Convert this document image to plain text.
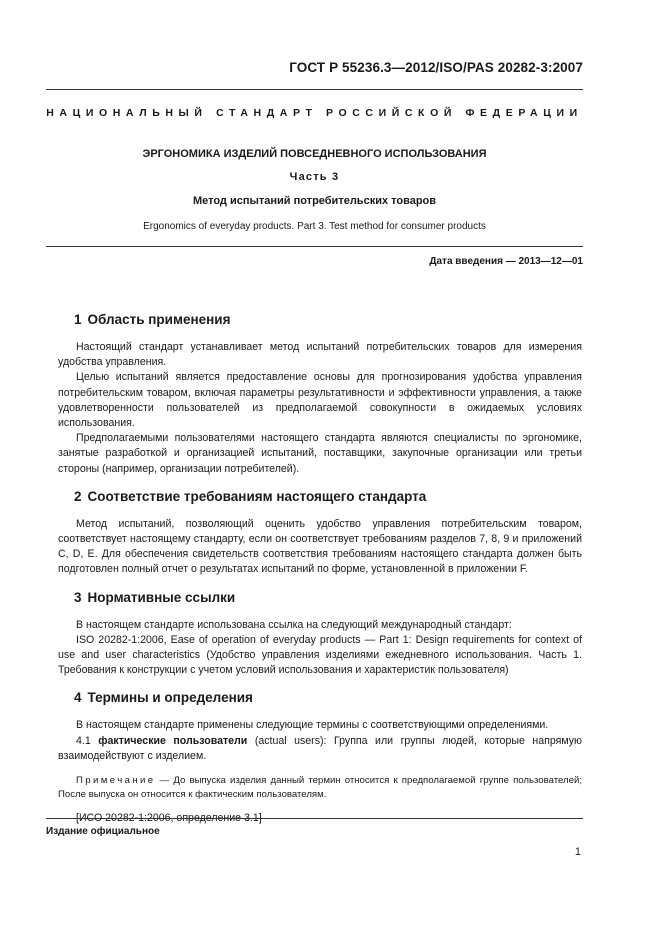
ГОСТ Р 55236.3—2012/ISO/PAS 20282-3:2007
НАЦИОНАЛЬНЫЙ СТАНДАРТ РОССИЙСКОЙ ФЕДЕРАЦИИ
ЭРГОНОМИКА ИЗДЕЛИЙ ПОВСЕДНЕВНОГО ИСПОЛЬЗОВАНИЯ
Часть 3
Метод испытаний потребительских товаров
Ergonomics of everyday products. Part 3. Test method for consumer products
Дата введения — 2013—12—01
1 Область применения

Настоящий стандарт устанавливает метод испытаний потребительских товаров для измерения удобства управления.

Целью испытаний является предоставление основы для прогнозирования удобства управления потребительским товаром, включая параметры результативности и эффективности управления, а также удовлетворенности пользователей из предполагаемой совокупности в ожидаемых условиях использования.

Предполагаемыми пользователями настоящего стандарта являются специалисты по эргономике, занятые разработкой и организацией испытаний, поставщики, закупочные организации или третьи стороны (например, организации потребителей).

2 Соответствие требованиям настоящего стандарта

Метод испытаний, позволяющий оценить удобство управления потребительским товаром, соответствует настоящему стандарту, если он соответствует требованиям разделов 7, 8, 9 и приложений C, D, E. Для обеспечения свидетельств соответствия требованиям настоящего стандарта должен быть подготовлен полный отчет о результатах испытаний по форме, установленной в приложении F.

3 Нормативные ссылки

В настоящем стандарте использована ссылка на следующий международный стандарт:

ISO 20282-1:2006, Ease of operation of everyday products — Part 1: Design requirements for context of use and user characteristics (Удобство управления изделиями ежедневного использования. Часть 1. Требования к конструкции с учетом условий использования и характеристик пользователя)

4 Термины и определения

В настоящем стандарте применены следующие термины с соответствующими определениями.

4.1 фактические пользователи (actual users): Группа или группы людей, которые напрямую взаимодействуют с изделием.

Примечание — До выпуска изделия данный термин относится к предполагаемой группе пользователей; После выпуска он относится к фактическим пользователям.

[ИСО 20282-1:2006, определение 3.1]

Издание официальное
1
